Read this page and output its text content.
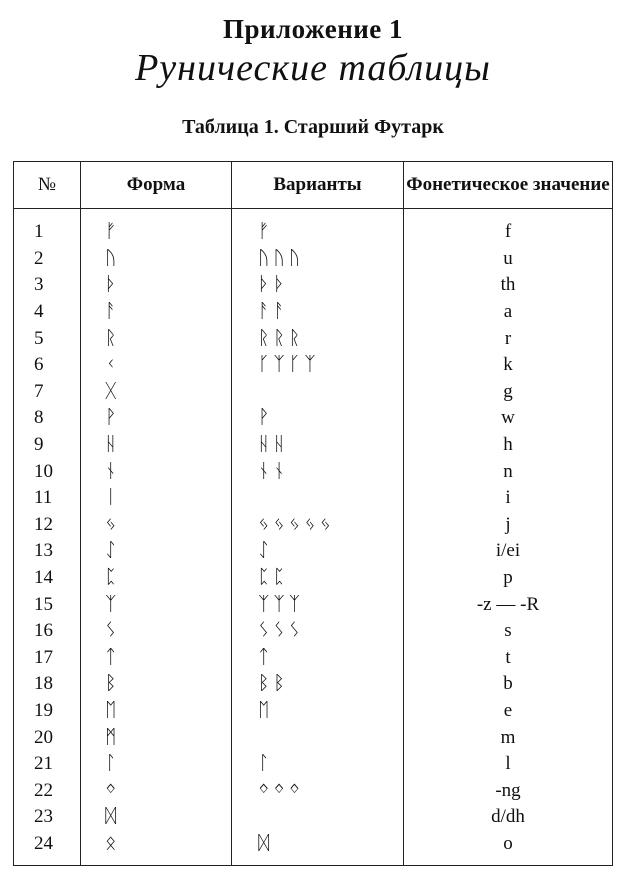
Приложение 1
Рунические таблицы
Таблица 1. Старший Футарк
№	Форма	Варианты	Фонетическое значение
1	ᚠ	ᚠ	f
2	ᚢ	ᚢᚢᚢ	u
3	ᚦ	ᚦᚦ	th
4	ᚨ	ᚨᚨ	a
5	ᚱ	ᚱᚱᚱ	r
6	ᚲ	ᚴᛉᚴᛉ	k
7	ᚷ		g
8	ᚹ	ᚹ	w
9	ᚺ	ᚺᚺ	h
10	ᚾ	ᚾᚾ	n
11	ᛁ		i
12	ᛃ	ᛃᛃᛃᛃᛃ	j
13	ᛇ	ᛇ	i/ei
14	ᛈ	ᛈᛈ	p
15	ᛉ	ᛉᛉᛉ	-z — -R
16	ᛊ	ᛊᛊᛊ	s
17	ᛏ	ᛏ	t
18	ᛒ	ᛒᛒ	b
19	ᛖ	ᛖ	e
20	ᛗ		m
21	ᛚ	ᛚ	l
22	ᛜ	ᛜᛜᛜ	-ng
23	ᛞ		d/dh
24	ᛟ	ᛞ	o
